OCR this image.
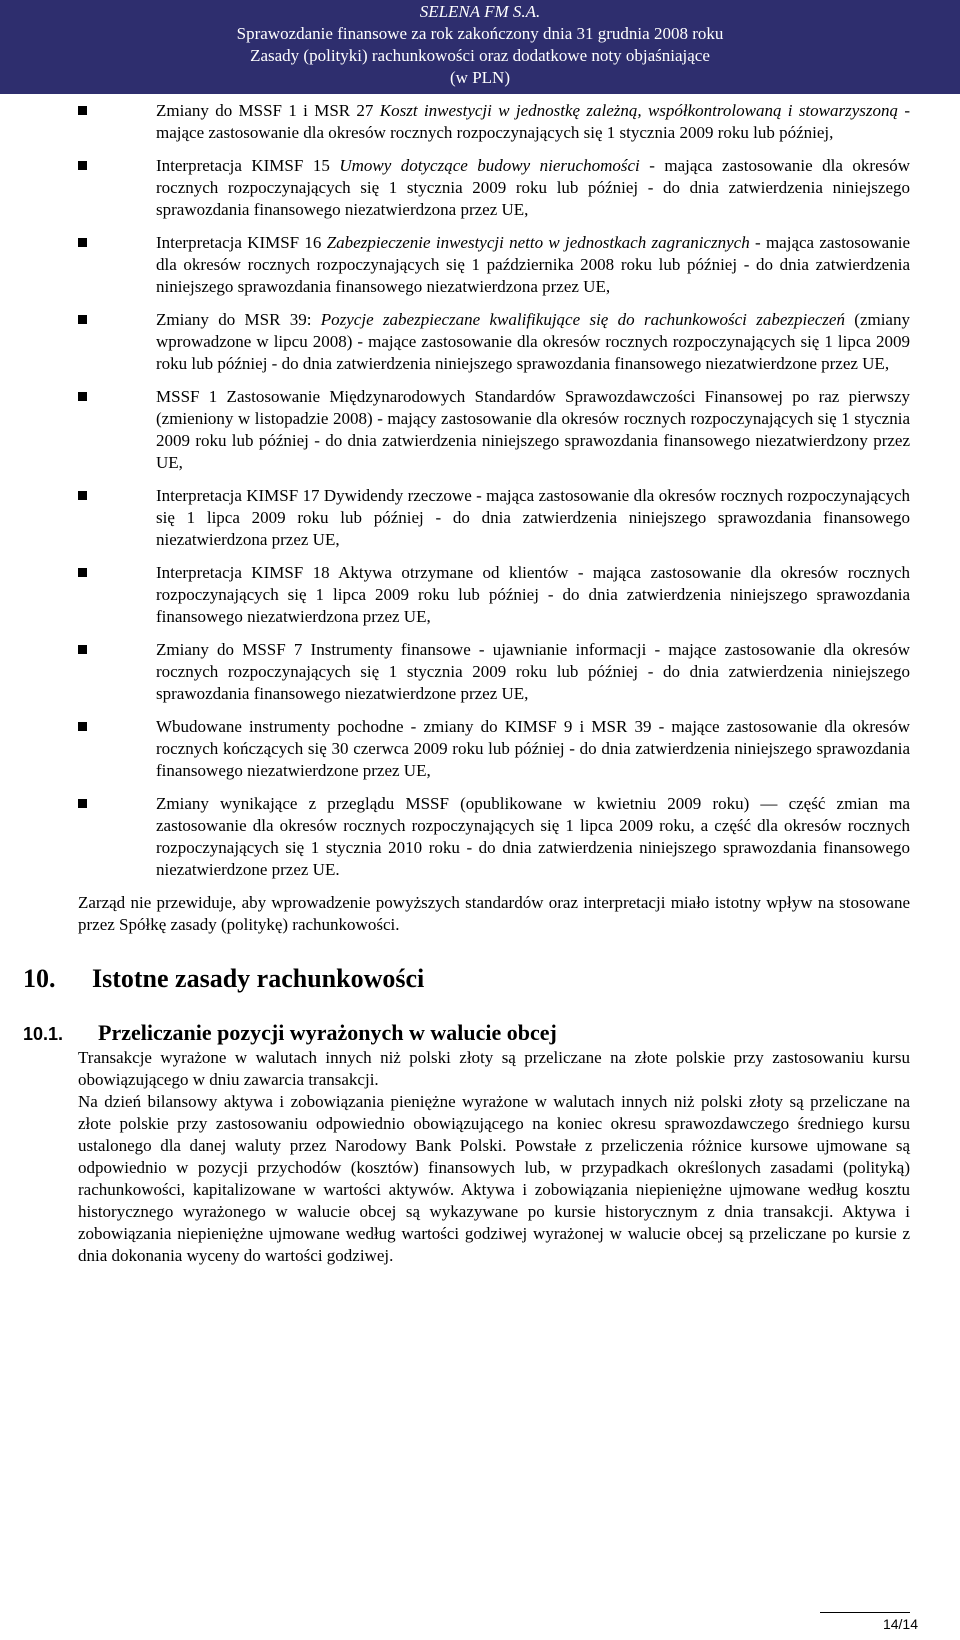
SELENA FM S.A.
Sprawozdanie finansowe za rok zakończony dnia 31 grudnia 2008 roku
Zasady (polityki) rachunkowości oraz dodatkowe noty objaśniające
(w PLN)
Zmiany do MSSF 1 i MSR 27 Koszt inwestycji w jednostkę zależną, współkontrolowaną i stowarzyszoną - mające zastosowanie dla okresów rocznych rozpoczynających się 1 stycznia 2009 roku lub później,
Interpretacja KIMSF 15 Umowy dotyczące budowy nieruchomości - mająca zastosowanie dla okresów rocznych rozpoczynających się 1 stycznia 2009 roku lub później - do dnia zatwierdzenia niniejszego sprawozdania finansowego niezatwierdzona przez UE,
Interpretacja KIMSF 16 Zabezpieczenie inwestycji netto w jednostkach zagranicznych - mająca zastosowanie dla okresów rocznych rozpoczynających się 1 października 2008 roku lub później - do dnia zatwierdzenia niniejszego sprawozdania finansowego niezatwierdzona przez UE,
Zmiany do MSR 39: Pozycje zabezpieczane kwalifikujące się do rachunkowości zabezpieczeń (zmiany wprowadzone w lipcu 2008) - mające zastosowanie dla okresów rocznych rozpoczynających się 1 lipca 2009 roku lub później - do dnia zatwierdzenia niniejszego sprawozdania finansowego niezatwierdzone przez UE,
MSSF 1 Zastosowanie Międzynarodowych Standardów Sprawozdawczości Finansowej po raz pierwszy (zmieniony w listopadzie 2008) - mający zastosowanie dla okresów rocznych rozpoczynających się 1 stycznia 2009 roku lub później - do dnia zatwierdzenia niniejszego sprawozdania finansowego niezatwierdzony przez UE,
Interpretacja KIMSF 17 Dywidendy rzeczowe - mająca zastosowanie dla okresów rocznych rozpoczynających się 1 lipca 2009 roku lub później - do dnia zatwierdzenia niniejszego sprawozdania finansowego niezatwierdzona przez UE,
Interpretacja KIMSF 18 Aktywa otrzymane od klientów - mająca zastosowanie dla okresów rocznych rozpoczynających się 1 lipca 2009 roku lub później - do dnia zatwierdzenia niniejszego sprawozdania finansowego niezatwierdzona przez UE,
Zmiany do MSSF 7 Instrumenty finansowe - ujawnianie informacji - mające zastosowanie dla okresów rocznych rozpoczynających się 1 stycznia 2009 roku lub później - do dnia zatwierdzenia niniejszego sprawozdania finansowego niezatwierdzone przez UE,
Wbudowane instrumenty pochodne - zmiany do KIMSF 9 i MSR 39 - mające zastosowanie dla okresów rocznych kończących się 30 czerwca 2009 roku lub później - do dnia zatwierdzenia niniejszego sprawozdania finansowego niezatwierdzone przez UE,
Zmiany wynikające z przeglądu MSSF (opublikowane w kwietniu 2009 roku) — część zmian ma zastosowanie dla okresów rocznych rozpoczynających się 1 lipca 2009 roku, a część dla okresów rocznych rozpoczynających się 1 stycznia 2010 roku - do dnia zatwierdzenia niniejszego sprawozdania finansowego niezatwierdzone przez UE.

Zarząd nie przewiduje, aby wprowadzenie powyższych standardów oraz interpretacji miało istotny wpływ na stosowane przez Spółkę zasady (politykę) rachunkowości.

10. Istotne zasady rachunkowości
10.1. Przeliczanie pozycji wyrażonych w walucie obcej

Transakcje wyrażone w walutach innych niż polski złoty są przeliczane na złote polskie przy zastosowaniu kursu obowiązującego w dniu zawarcia transakcji.

Na dzień bilansowy aktywa i zobowiązania pieniężne wyrażone w walutach innych niż polski złoty są przeliczane na złote polskie przy zastosowaniu odpowiednio obowiązującego na koniec okresu sprawozdawczego średniego kursu ustalonego dla danej waluty przez Narodowy Bank Polski. Powstałe z przeliczenia różnice kursowe ujmowane są odpowiednio w pozycji przychodów (kosztów) finansowych lub, w przypadkach określonych zasadami (polityką) rachunkowości, kapitalizowane w wartości aktywów. Aktywa i zobowiązania niepieniężne ujmowane według kosztu historycznego wyrażonego w walucie obcej są wykazywane po kursie historycznym z dnia transakcji. Aktywa i zobowiązania niepieniężne ujmowane według wartości godziwej wyrażonej w walucie obcej są przeliczane po kursie z dnia dokonania wyceny do wartości godziwej.

14/14
